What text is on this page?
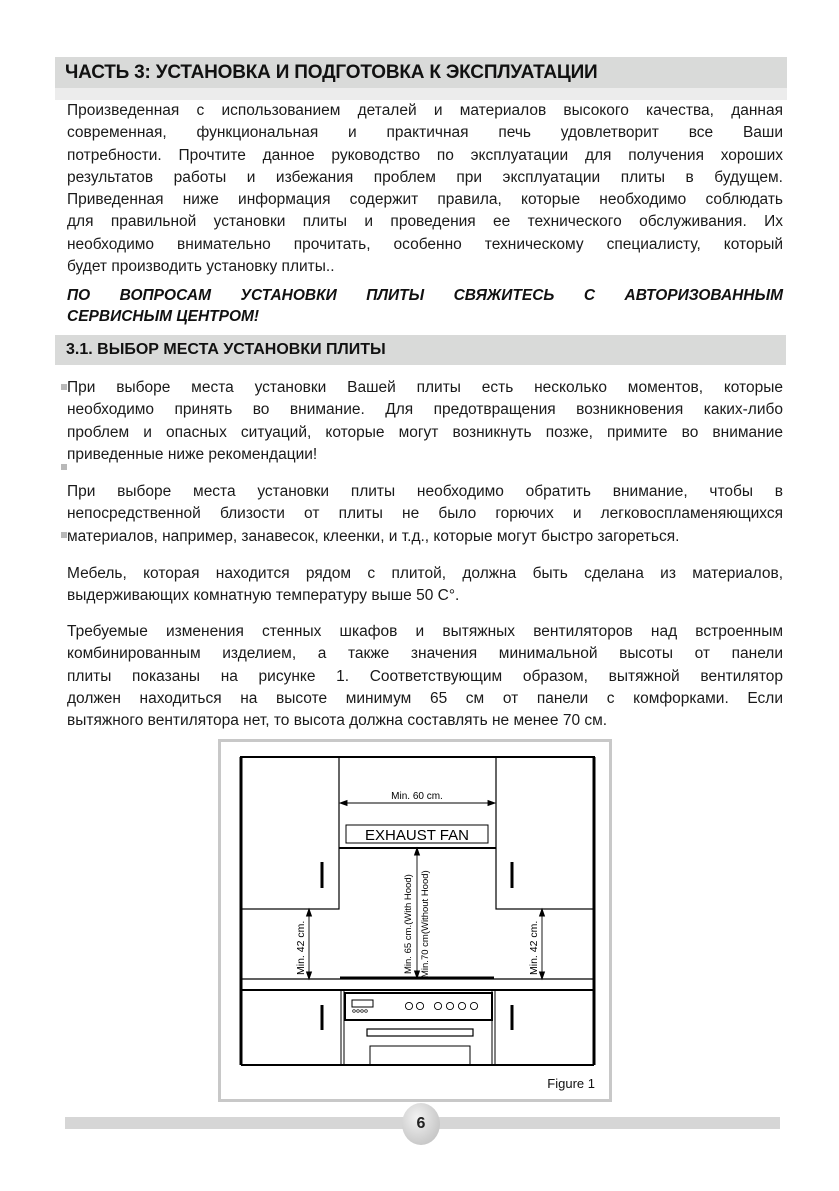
ЧАСТЬ 3: УСТАНОВКА И ПОДГОТОВКА К ЭКСПЛУАТАЦИИ
Произведенная с использованием деталей и материалов высокого качества, данная
современная, функциональная и практичная печь удовлетворит все Ваши
потребности. Прочтите данное руководство по эксплуатации для получения хороших
результатов работы и избежания проблем при эксплуатации плиты в будущем.
Приведенная ниже информация содержит правила, которые необходимо соблюдать
для правильной установки плиты и проведения ее технического обслуживания. Их
необходимо внимательно прочитать, особенно техническому специалисту, который
будет производить установку плиты..
ПО ВОПРОСАМ УСТАНОВКИ ПЛИТЫ СВЯЖИТЕСЬ С АВТОРИЗОВАННЫМ
СЕРВИСНЫМ ЦЕНТРОМ!
3.1. ВЫБОР МЕСТА УСТАНОВКИ ПЛИТЫ
При выборе места установки Вашей плиты есть несколько моментов, которые
необходимо принять во внимание. Для предотвращения возникновения каких-либо
проблем и опасных ситуаций, которые могут возникнуть позже, примите во внимание
приведенные ниже рекомендации!
При выборе места установки плиты необходимо обратить внимание, чтобы в
непосредственной близости от плиты не было горючих и легковоспламеняющихся
материалов, например, занавесок, клеенки, и т.д., которые могут быстро загореться.
Мебель, которая находится рядом с плитой, должна быть сделана из материалов,
выдерживающих комнатную температуру выше 50 С°.
Требуемые изменения стенных шкафов и вытяжных вентиляторов над встроенным
комбинированным изделием, а также значения минимальной высоты от панели
плиты показаны на рисунке 1. Соответствующим образом, вытяжной вентилятор
должен находиться на высоте минимум 65 см от панели с комфорками. Если
вытяжного вентилятора нет, то высота должна составлять не менее 70 см.
Min. 60 cm.
EXHAUST FAN
Min. 65 cm.(With Hood) Min.70 cm(Without Hood)
Min. 42 cm.	Min. 42 cm.
Figure 1
6
